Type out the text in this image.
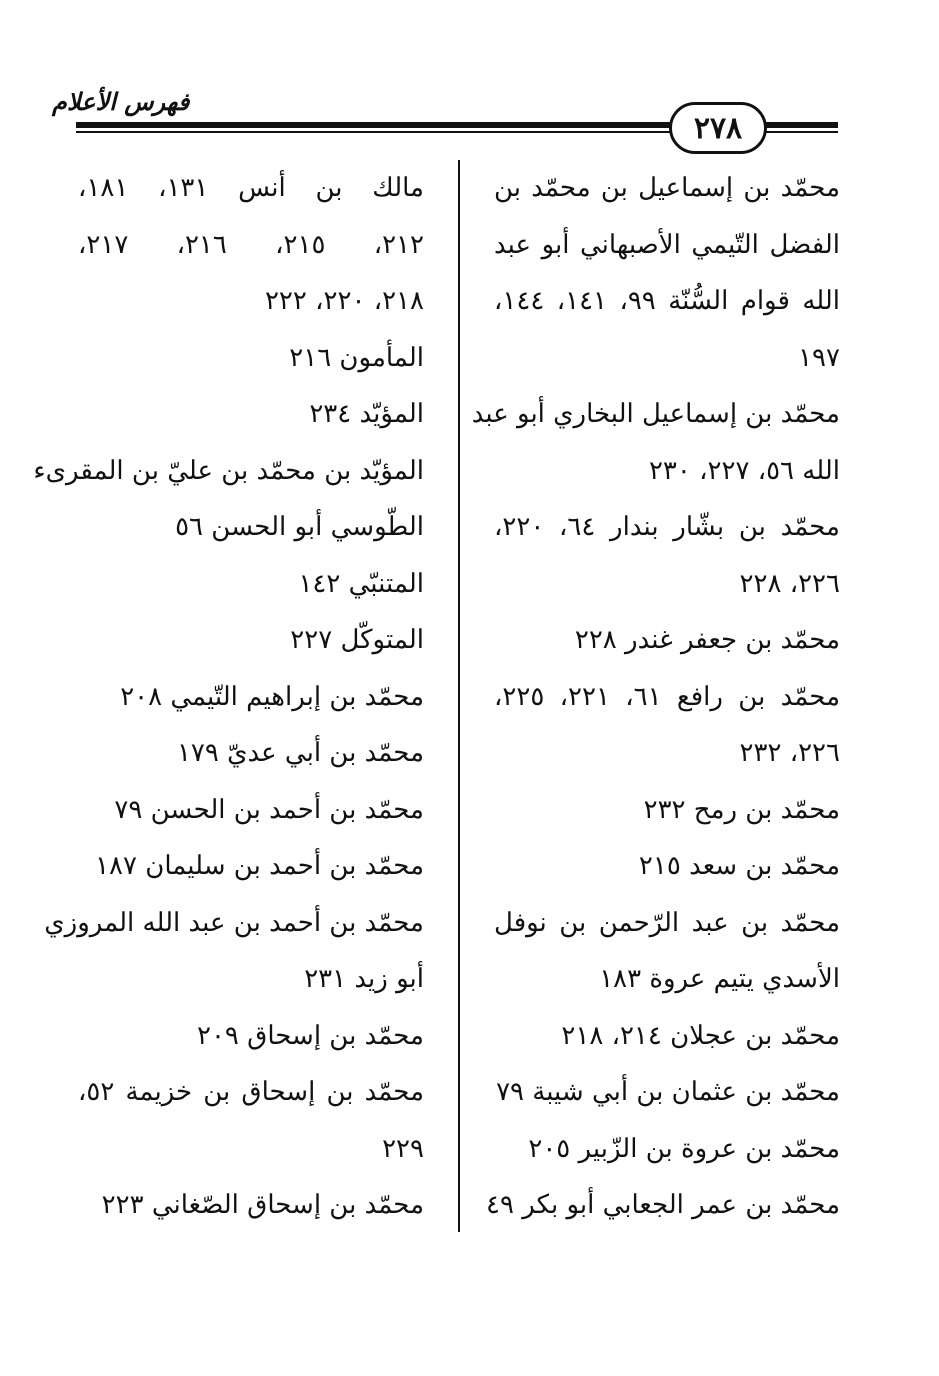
فهرس الأعلام
٢٧٨
محمّد بن إسماعيل بن محمّد بن
الفضل التّيمي الأصبهاني أبو عبد
الله قوام السُّنّة ٩٩، ١٤١، ١٤٤،
١٩٧
محمّد بن إسماعيل البخاري أبو عبد
الله ٥٦، ٢٢٧، ٢٣٠
محمّد بن بشّار بندار ٦٤، ٢٢٠،
٢٢٦، ٢٢٨
محمّد بن جعفر غندر ٢٢٨
محمّد بن رافع ٦١، ٢٢١، ٢٢٥،
٢٢٦، ٢٣٢
محمّد بن رمح ٢٣٢
محمّد بن سعد ٢١٥
محمّد بن عبد الرّحمن بن نوفل
الأسدي يتيم عروة ١٨٣
محمّد بن عجلان ٢١٤، ٢١٨
محمّد بن عثمان بن أبي شيبة ٧٩
محمّد بن عروة بن الزّبير ٢٠٥
محمّد بن عمر الجعابي أبو بكر ٤٩
مالك بن أنس ١٣١، ١٨١،
٢١٢، ٢١٥، ٢١٦، ٢١٧،
٢١٨، ٢٢٠، ٢٢٢
المأمون ٢١٦
المؤيّد ٢٣٤
المؤيّد بن محمّد بن عليّ بن المقرىء
الطّوسي أبو الحسن ٥٦
المتنبّي ١٤٢
المتوكّل ٢٢٧
محمّد بن إبراهيم التّيمي ٢٠٨
محمّد بن أبي عديّ ١٧٩
محمّد بن أحمد بن الحسن ٧٩
محمّد بن أحمد بن سليمان ١٨٧
محمّد بن أحمد بن عبد الله المروزي
أبو زيد ٢٣١
محمّد بن إسحاق ٢٠٩
محمّد بن إسحاق بن خزيمة ٥٢،
٢٢٩
محمّد بن إسحاق الصّغاني ٢٢٣
